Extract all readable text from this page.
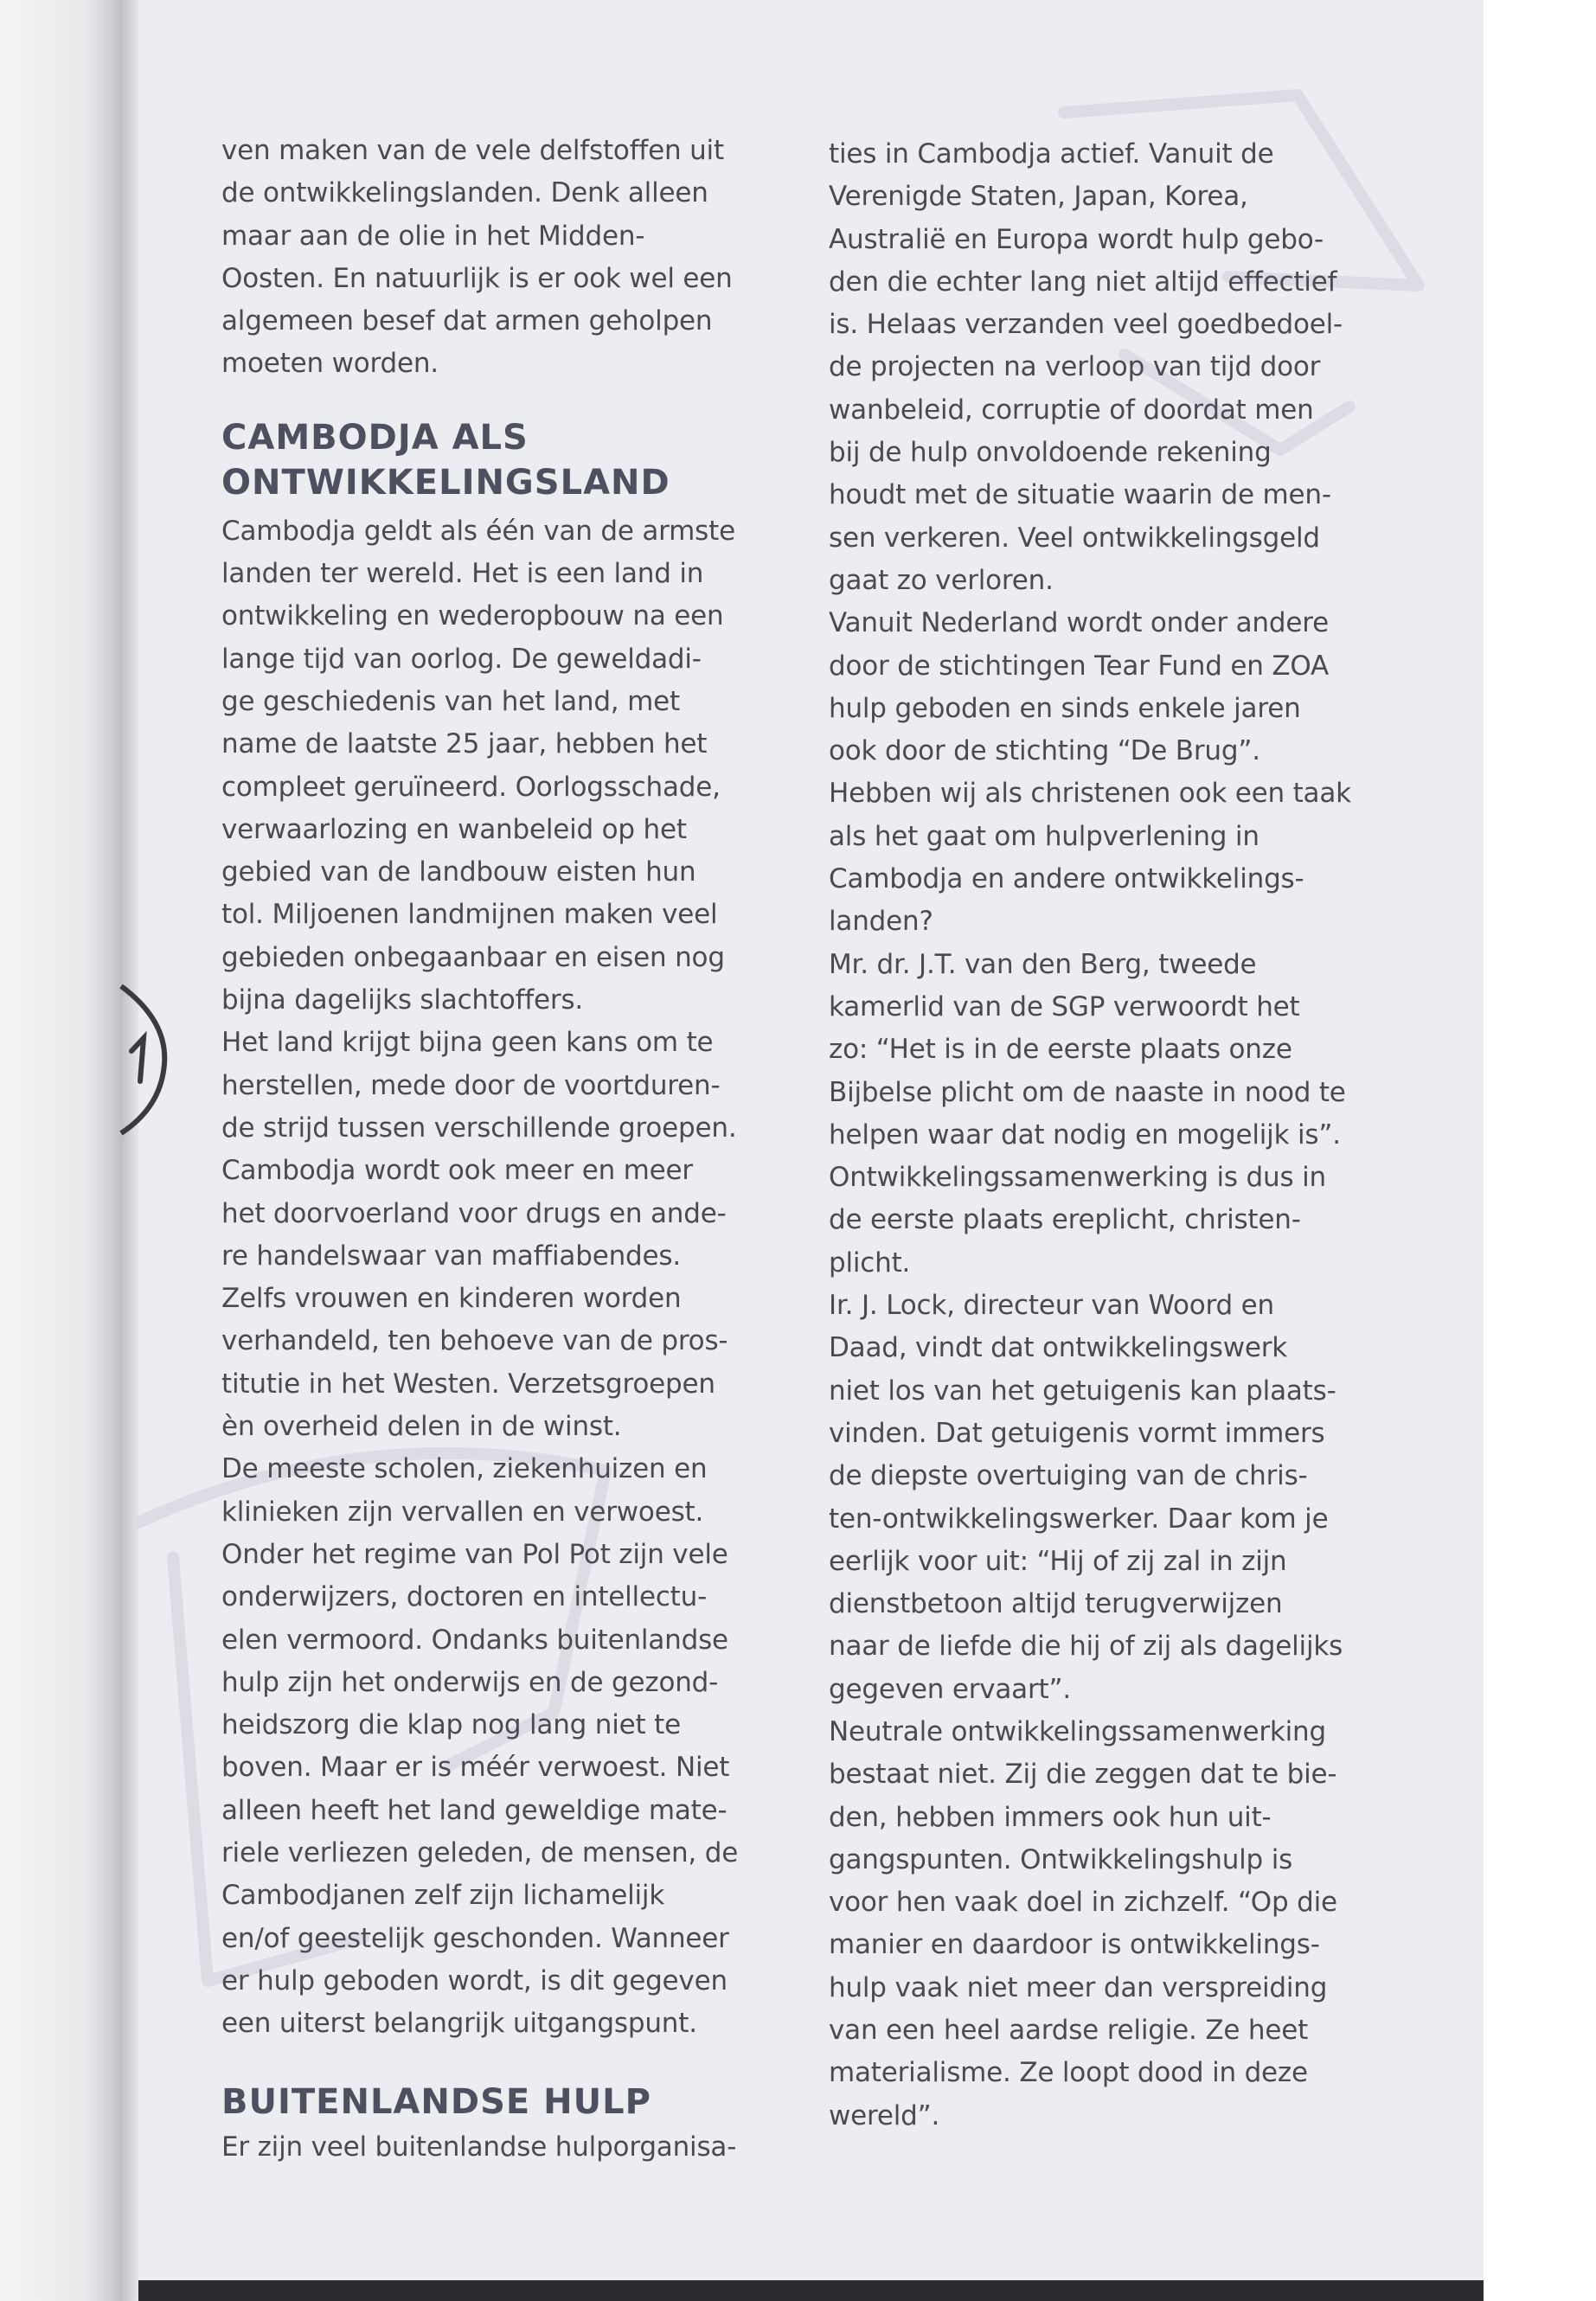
ven maken van de vele delfstoffen uit
de ontwikkelingslanden. Denk alleen
maar aan de olie in het Midden-
Oosten. En natuurlijk is er ook wel een
algemeen besef dat armen geholpen
moeten worden.
CAMBODJA ALS
ONTWIKKELINGSLAND
Cambodja geldt als één van de armste
landen ter wereld. Het is een land in
ontwikkeling en wederopbouw na een
lange tijd van oorlog. De geweldadi-
ge geschiedenis van het land, met
name de laatste 25 jaar, hebben het
compleet geruïneerd. Oorlogsschade,
verwaarlozing en wanbeleid op het
gebied van de landbouw eisten hun
tol. Miljoenen landmijnen maken veel
gebieden onbegaanbaar en eisen nog
bijna dagelijks slachtoffers.
Het land krijgt bijna geen kans om te
herstellen, mede door de voortduren-
de strijd tussen verschillende groepen.
Cambodja wordt ook meer en meer
het doorvoerland voor drugs en ande-
re handelswaar van maffiabendes.
Zelfs vrouwen en kinderen worden
verhandeld, ten behoeve van de pros-
titutie in het Westen. Verzetsgroepen
èn overheid delen in de winst.
De meeste scholen, ziekenhuizen en
klinieken zijn vervallen en verwoest.
Onder het regime van Pol Pot zijn vele
onderwijzers, doctoren en intellectu-
elen vermoord. Ondanks buitenlandse
hulp zijn het onderwijs en de gezond-
heidszorg die klap nog lang niet te
boven. Maar er is méér verwoest. Niet
alleen heeft het land geweldige mate-
riele verliezen geleden, de mensen, de
Cambodjanen zelf zijn lichamelijk
en/of geestelijk geschonden. Wanneer
er hulp geboden wordt, is dit gegeven
een uiterst belangrijk uitgangspunt.
BUITENLANDSE HULP
Er zijn veel buitenlandse hulporganisa-
ties in Cambodja actief. Vanuit de
Verenigde Staten, Japan, Korea,
Australië en Europa wordt hulp gebo-
den die echter lang niet altijd effectief
is. Helaas verzanden veel goedbedoel-
de projecten na verloop van tijd door
wanbeleid, corruptie of doordat men
bij de hulp onvoldoende rekening
houdt met de situatie waarin de men-
sen verkeren. Veel ontwikkelingsgeld
gaat zo verloren.
Vanuit Nederland wordt onder andere
door de stichtingen Tear Fund en ZOA
hulp geboden en sinds enkele jaren
ook door de stichting “De Brug”.
Hebben wij als christenen ook een taak
als het gaat om hulpverlening in
Cambodja en andere ontwikkelings-
landen?
Mr. dr. J.T. van den Berg, tweede
kamerlid van de SGP verwoordt het
zo: “Het is in de eerste plaats onze
Bijbelse plicht om de naaste in nood te
helpen waar dat nodig en mogelijk is”.
Ontwikkelingssamenwerking is dus in
de eerste plaats ereplicht, christen-
plicht.
Ir. J. Lock, directeur van Woord en
Daad, vindt dat ontwikkelingswerk
niet los van het getuigenis kan plaats-
vinden. Dat getuigenis vormt immers
de diepste overtuiging van de chris-
ten-ontwikkelingswerker. Daar kom je
eerlijk voor uit: “Hij of zij zal in zijn
dienstbetoon altijd terugverwijzen
naar de liefde die hij of zij als dagelijks
gegeven ervaart”.
Neutrale ontwikkelingssamenwerking
bestaat niet. Zij die zeggen dat te bie-
den, hebben immers ook hun uit-
gangspunten. Ontwikkelingshulp is
voor hen vaak doel in zichzelf. “Op die
manier en daardoor is ontwikkelings-
hulp vaak niet meer dan verspreiding
van een heel aardse religie. Ze heet
materialisme. Ze loopt dood in deze
wereld”.
